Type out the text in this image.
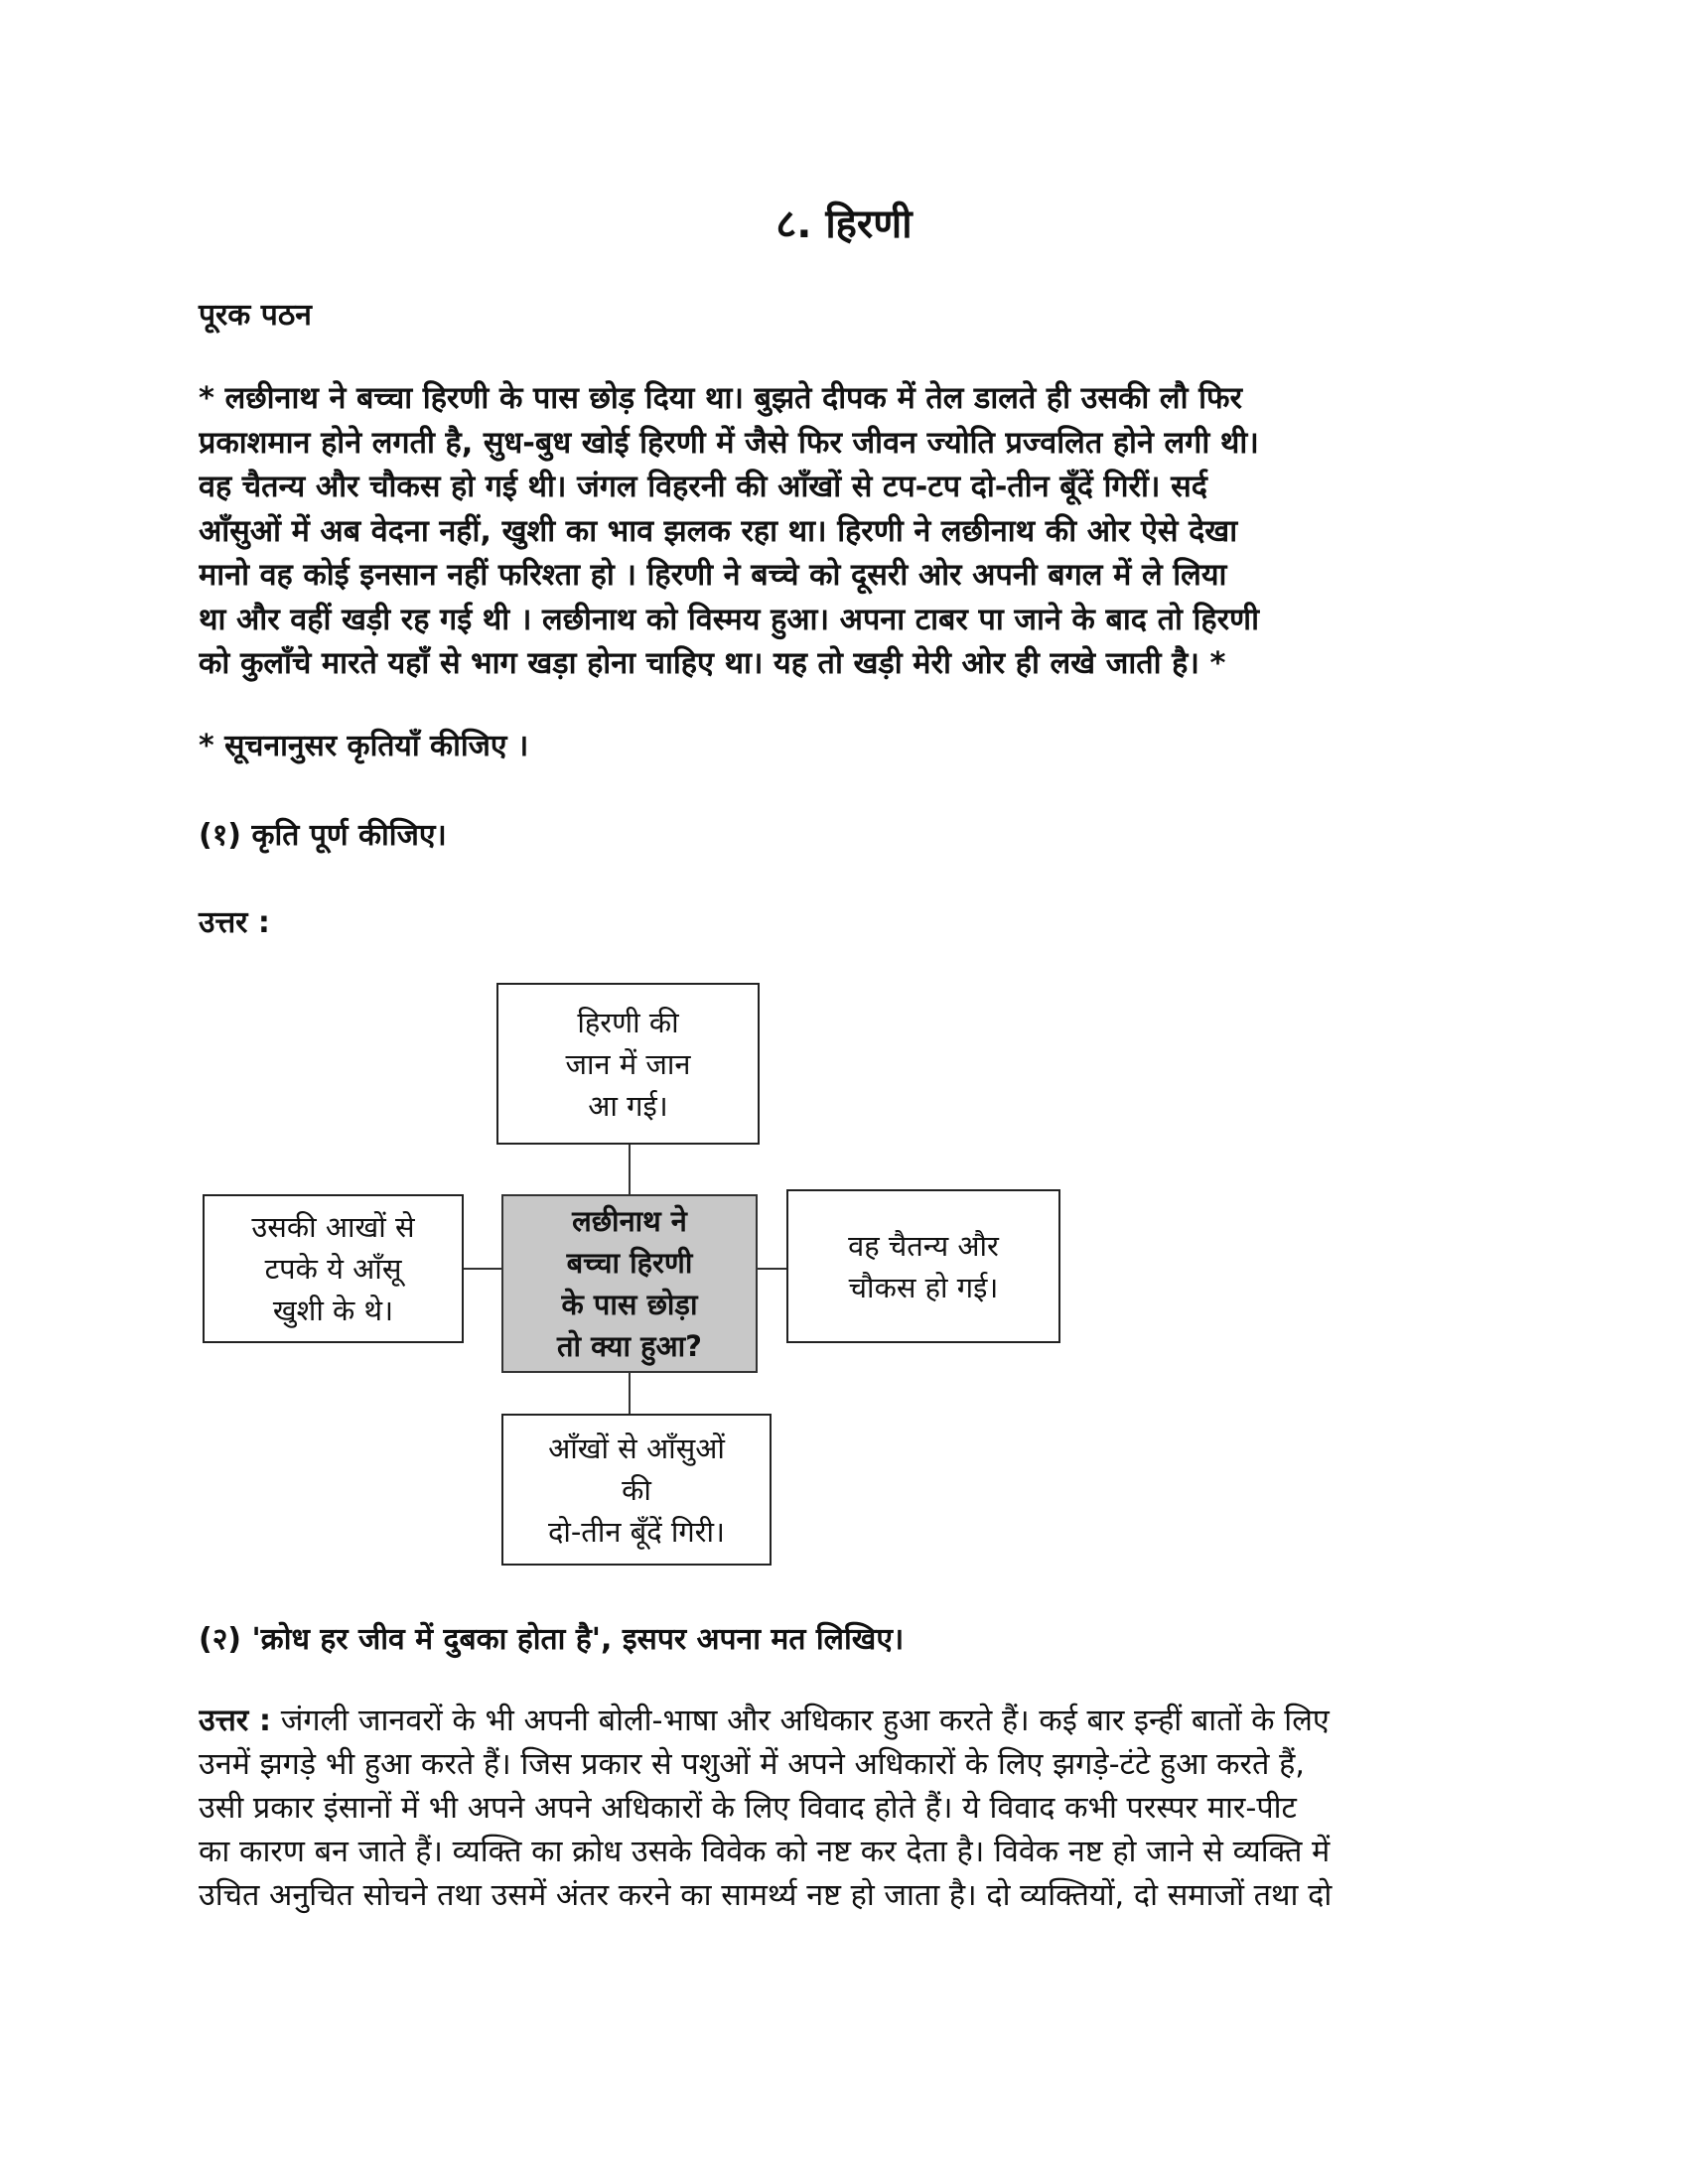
८. हिरणी
पूरक पठन
* लछीनाथ ने बच्चा हिरणी के पास छोड़ दिया था। बुझते दीपक में तेल डालते ही उसकी लौ फिर
प्रकाशमान होने लगती है, सुध-बुध खोई हिरणी में जैसे फिर जीवन ज्योति प्रज्वलित होने लगी थी।
वह चैतन्य और चौकस हो गई थी। जंगल विहरनी की आँखों से टप-टप दो-तीन बूँदें गिरीं। सर्द
आँसुओं में अब वेदना नहीं, खुशी का भाव झलक रहा था। हिरणी ने लछीनाथ की ओर ऐसे देखा
मानो वह कोई इनसान नहीं फरिश्ता हो । हिरणी ने बच्चे को दूसरी ओर अपनी बगल में ले लिया
था और वहीं खड़ी रह गई थी । लछीनाथ को विस्मय हुआ। अपना टाबर पा जाने के बाद तो हिरणी
को कुलाँचे मारते यहाँ से भाग खड़ा होना चाहिए था। यह तो खड़ी मेरी ओर ही लखे जाती है। *
* सूचनानुसर कृतियाँ कीजिए ।
(१) कृति पूर्ण कीजिए।
उत्तर :
हिरणी की
जान में जान
आ गई।
लछीनाथ ने
बच्चा हिरणी
के पास छोड़ा
तो क्या हुआ?
उसकी आखों से
टपके ये आँसू
खुशी के थे।
वह चैतन्य और
चौकस हो गई।
आँखों से आँसुओं
की
दो-तीन बूँदें गिरी।
(२) 'क्रोध हर जीव में दुबका होता है', इसपर अपना मत लिखिए।
उत्तर : जंगली जानवरों के भी अपनी बोली-भाषा और अधिकार हुआ करते हैं। कई बार इन्हीं बातों के लिए
उनमें झगड़े भी हुआ करते हैं। जिस प्रकार से पशुओं में अपने अधिकारों के लिए झगड़े-टंटे हुआ करते हैं,
उसी प्रकार इंसानों में भी अपने अपने अधिकारों के लिए विवाद होते हैं। ये विवाद कभी परस्पर मार-पीट
का कारण बन जाते हैं। व्यक्ति का क्रोध उसके विवेक को नष्ट कर देता है। विवेक नष्ट हो जाने से व्यक्ति में
उचित अनुचित सोचने तथा उसमें अंतर करने का सामर्थ्य नष्ट हो जाता है। दो व्यक्तियों, दो समाजों तथा दो
